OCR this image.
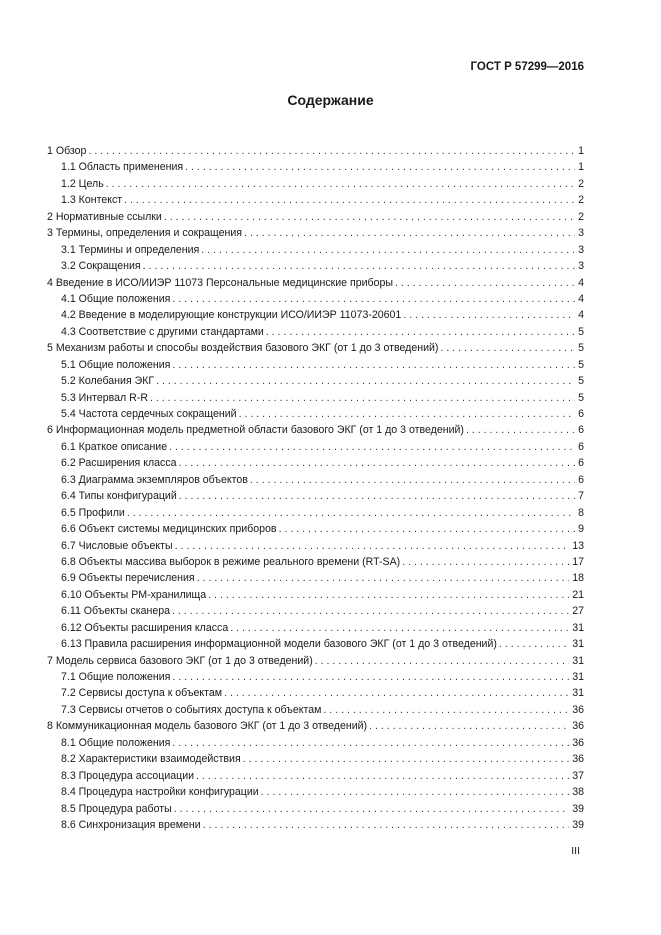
ГОСТ Р 57299—2016
Содержание
1 Обзор . . .	1
1.1 Область применения . . .	1
1.2 Цель . . .	2
1.3 Контекст . . .	2
2 Нормативные ссылки . . .	2
3 Термины, определения и сокращения . . .	3
3.1 Термины и определения . . .	3
3.2 Сокращения . . .	3
4 Введение в ИСО/ИИЭР 11073 Персональные медицинские приборы . . .	4
4.1 Общие положения . . .	4
4.2 Введение в моделирующие конструкции ИСО/ИИЭР 11073-20601 . . .	4
4.3 Соответствие с другими стандартами . . .	5
5 Механизм работы и способы воздействия базового ЭКГ (от 1 до 3 отведений) . . .	5
5.1 Общие положения . . .	5
5.2 Колебания ЭКГ . . .	5
5.3 Интервал R-R . . .	5
5.4 Частота сердечных сокращений . . .	6
6 Информационная модель предметной области базового ЭКГ (от 1 до 3 отведений) . . .	6
6.1 Краткое описание . . .	6
6.2 Расширения класса . . .	6
6.3 Диаграмма экземпляров объектов . . .	6
6.4 Типы конфигураций . . .	7
6.5 Профили . . .	8
6.6 Объект системы медицинских приборов . . .	9
6.7 Числовые объекты . . .	13
6.8 Объекты массива выборок в режиме реального времени (RT-SA) . . .	17
6.9 Объекты перечисления . . .	18
6.10 Объекты PM-хранилища . . .	21
6.11 Объекты сканера . . .	27
6.12 Объекты расширения класса . . .	31
6.13 Правила расширения информационной модели базового ЭКГ (от 1 до 3 отведений) . . .	31
7 Модель сервиса базового ЭКГ (от 1 до 3 отведений) . . .	31
7.1 Общие положения . . .	31
7.2 Сервисы доступа к объектам . . .	31
7.3 Сервисы отчетов о событиях доступа к объектам . . .	36
8 Коммуникационная модель базового ЭКГ (от 1 до 3 отведений) . . .	36
8.1 Общие положения . . .	36
8.2 Характеристики взаимодействия . . .	36
8.3 Процедура ассоциации . . .	37
8.4 Процедура настройки конфигурации . . .	38
8.5 Процедура работы . . .	39
8.6 Синхронизация времени . . .	39
III
